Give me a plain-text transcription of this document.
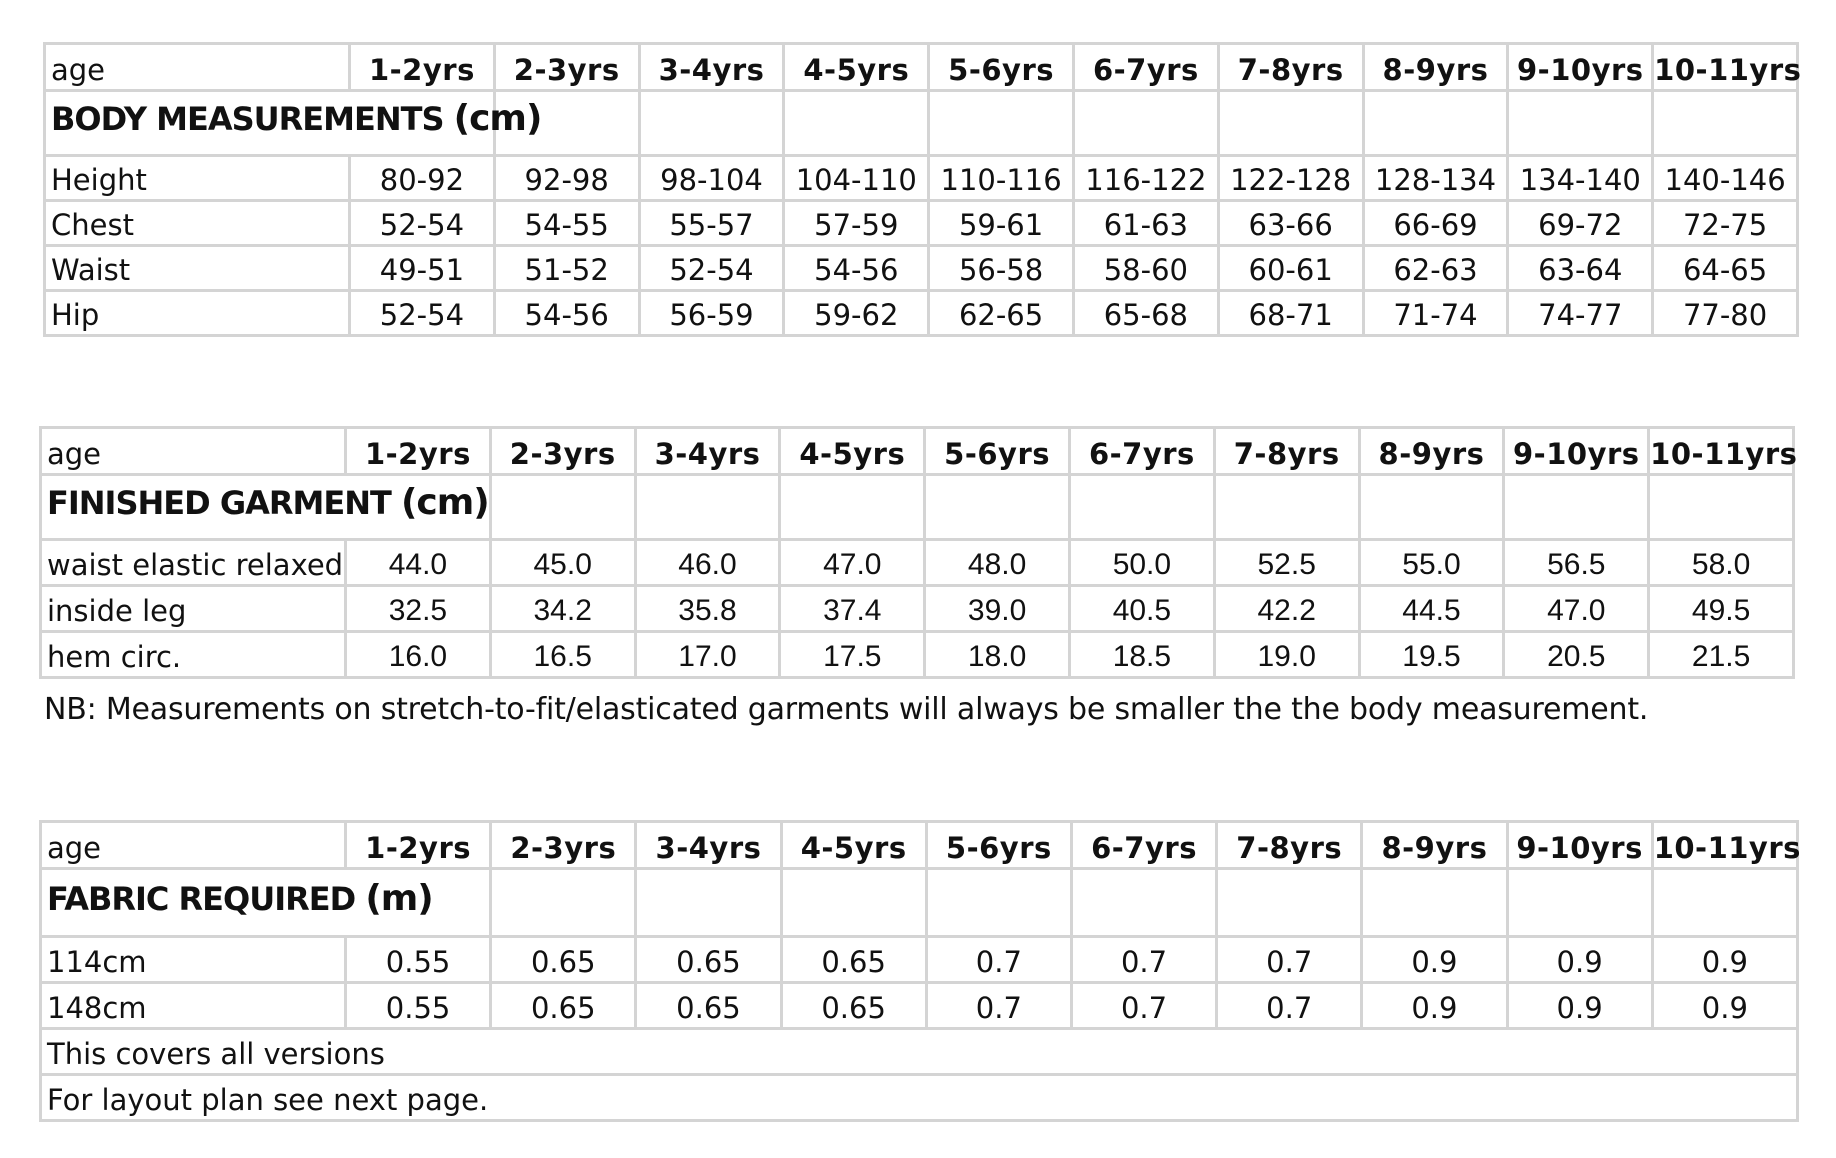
age	1-2yrs	2-3yrs	3-4yrs	4-5yrs	5-6yrs	6-7yrs	7-8yrs	8-9yrs	9-10yrs	10-11yrs
BODY MEASUREMENTS (cm)										
Height	80-92	92-98	98-104	104-110	110-116	116-122	122-128	128-134	134-140	140-146
Chest	52-54	54-55	55-57	57-59	59-61	61-63	63-66	66-69	69-72	72-75
Waist	49-51	51-52	52-54	54-56	56-58	58-60	60-61	62-63	63-64	64-65
Hip	52-54	54-56	56-59	59-62	62-65	65-68	68-71	71-74	74-77	77-80
age	1-2yrs	2-3yrs	3-4yrs	4-5yrs	5-6yrs	6-7yrs	7-8yrs	8-9yrs	9-10yrs	10-11yrs
FINISHED GARMENT (cm)										
waist elastic relaxed	44.0	45.0	46.0	47.0	48.0	50.0	52.5	55.0	56.5	58.0
inside leg	32.5	34.2	35.8	37.4	39.0	40.5	42.2	44.5	47.0	49.5
hem circ.	16.0	16.5	17.0	17.5	18.0	18.5	19.0	19.5	20.5	21.5
NB: Measurements on stretch-to-fit/elasticated garments will always be smaller the the body measurement.
age	1-2yrs	2-3yrs	3-4yrs	4-5yrs	5-6yrs	6-7yrs	7-8yrs	8-9yrs	9-10yrs	10-11yrs
FABRIC REQUIRED (m)										
114cm	0.55	0.65	0.65	0.65	0.7	0.7	0.7	0.9	0.9	0.9
148cm	0.55	0.65	0.65	0.65	0.7	0.7	0.7	0.9	0.9	0.9
This covers all versions										
For layout plan see next page.										
